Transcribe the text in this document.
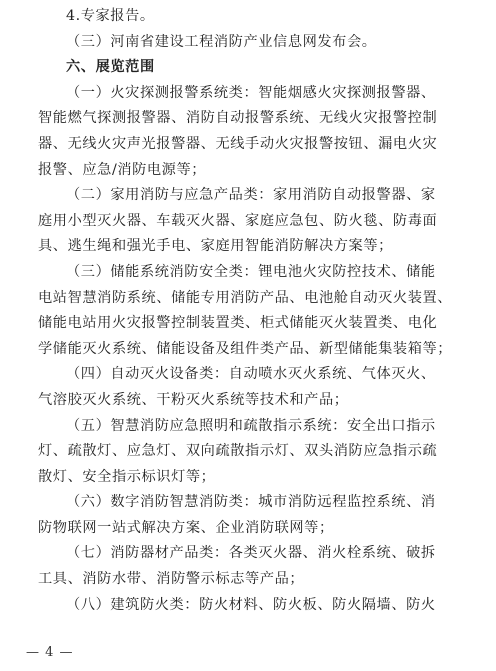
4.专家报告。
（三）河南省建设工程消防产业信息网发布会。
六、展览范围
（一）火灾探测报警系统类：智能烟感火灾探测报警器、
智能燃气探测报警器、消防自动报警系统、无线火灾报警控制
器、无线火灾声光报警器、无线手动火灾报警按钮、漏电火灾
报警、应急/消防电源等；
（二）家用消防与应急产品类：家用消防自动报警器、家
庭用小型灭火器、车载灭火器、家庭应急包、防火毯、防毒面
具、逃生绳和强光手电、家庭用智能消防解决方案等；
（三）储能系统消防安全类：锂电池火灾防控技术、储能
电站智慧消防系统、储能专用消防产品、电池舱自动灭火装置、
储能电站用火灾报警控制装置类、柜式储能灭火装置类、电化
学储能灭火系统、储能设备及组件类产品、新型储能集装箱等；
（四）自动灭火设备类：自动喷水灭火系统、气体灭火、
气溶胶灭火系统、干粉灭火系统等技术和产品；
（五）智慧消防应急照明和疏散指示系统：安全出口指示
灯、疏散灯、应急灯、双向疏散指示灯、双头消防应急指示疏
散灯、安全指示标识灯等；
（六）数字消防智慧消防类：城市消防远程监控系统、消
防物联网一站式解决方案、企业消防联网等；
（七）消防器材产品类：各类灭火器、消火栓系统、破拆
工具、消防水带、消防警示标志等产品；
（八）建筑防火类：防火材料、防火板、防火隔墙、防火
— 4 —
